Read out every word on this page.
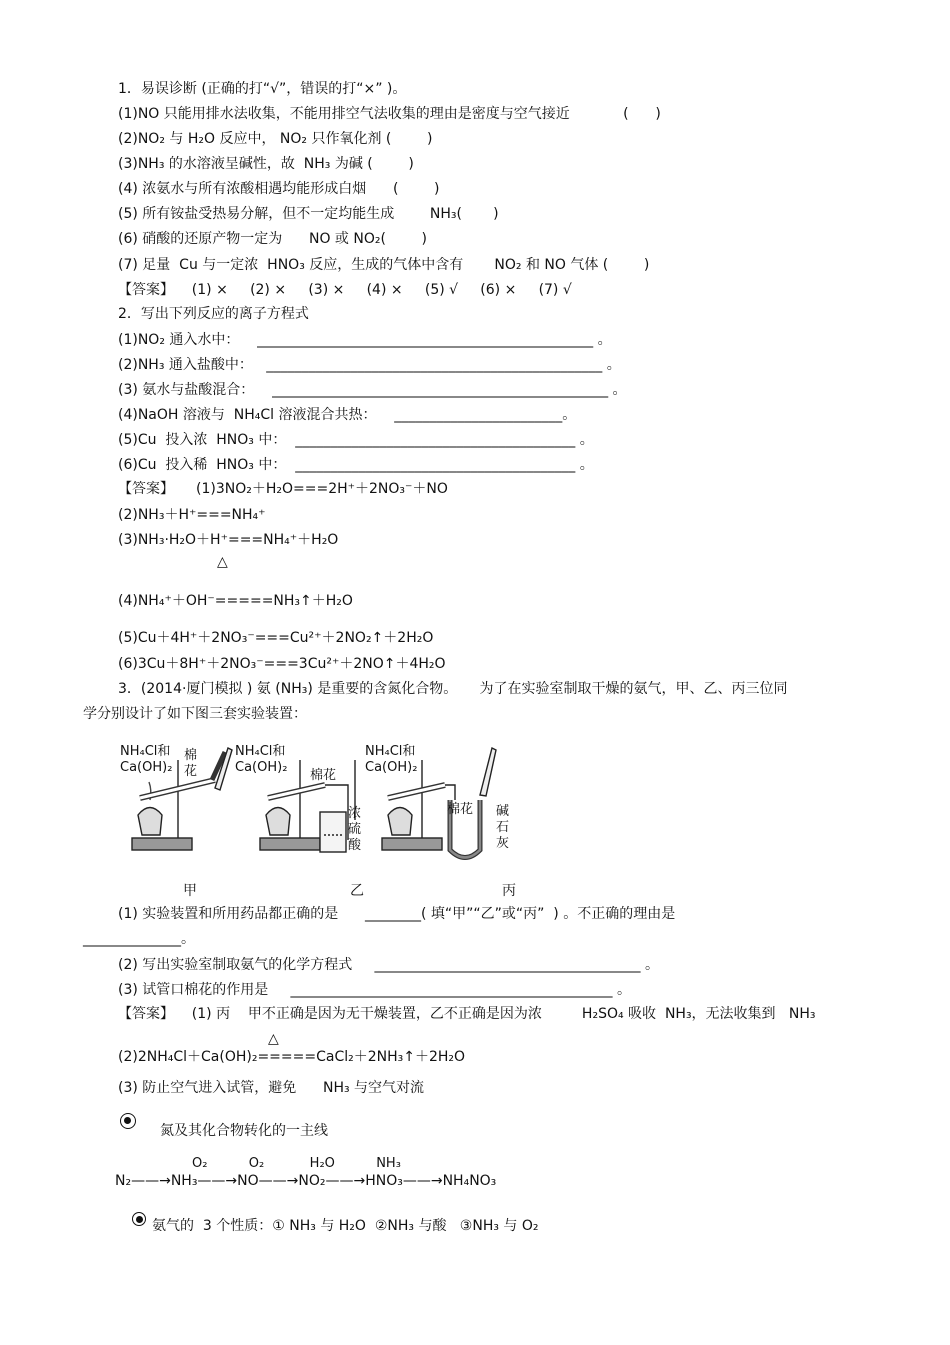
1．易误诊断 (正确的打“√”，错误的打“×” )。
(1)NO 只能用排水法收集，不能用排空气法收集的理由是密度与空气接近            (      )
(2)NO₂ 与 H₂O 反应中， NO₂ 只作氧化剂 (        )
(3)NH₃ 的水溶液呈碱性，故  NH₃ 为碱 (        )
(4) 浓氨水与所有浓酸相遇均能形成白烟      (        )
(5) 所有铵盐受热易分解，但不一定均能生成        NH₃(       )
(6) 硝酸的还原产物一定为      NO 或 NO₂(        )
(7) 足量  Cu 与一定浓  HNO₃ 反应，生成的气体中含有       NO₂ 和 NO 气体 (        )
【答案】    (1) ×     (2) ×     (3) ×     (4) ×     (5) √     (6) ×     (7) √
2．写出下列反应的离子方程式
(1)NO₂ 通入水中：    ________________________________________________ 。
(2)NH₃ 通入盐酸中：   ________________________________________________ 。
(3) 氨水与盐酸混合：    ________________________________________________ 。
(4)NaOH 溶液与  NH₄Cl 溶液混合共热：    ________________________。
(5)Cu  投入浓  HNO₃ 中：  ________________________________________ 。
(6)Cu  投入稀  HNO₃ 中：  ________________________________________ 。
【答案】 (1)3NO₂＋H₂O===2H⁺＋2NO₃⁻＋NO
(2)NH₃＋H⁺===NH₄⁺
(3)NH₃·H₂O＋H⁺===NH₄⁺＋H₂O
△
(4)NH₄⁺＋OH⁻=====NH₃↑＋H₂O
(5)Cu＋4H⁺＋2NO₃⁻===Cu²⁺＋2NO₂↑＋2H₂O
(6)3Cu＋8H⁺＋2NO₃⁻===3Cu²⁺＋2NO↑＋4H₂O
3．(2014·厦门模拟 ) 氨 (NH₃) 是重要的含氮化合物。     为了在实验室制取干燥的氨气，甲、乙、丙三位同
学分别设计了如下图三套实验装置：
NH₄Cl和
Ca(OH)₂
NH₄Cl和
Ca(OH)₂
NH₄Cl和
Ca(OH)₂
棉花	棉花
棉花
浓硫酸
碱石灰
甲	乙	丙
(1) 实验装置和所用药品都正确的是      ________( 填“甲”“乙”或“丙”  ) 。不正确的理由是
______________。
(2) 写出实验室制取氨气的化学方程式     ______________________________________ 。
(3) 试管口棉花的作用是     ______________________________________________ 。
【答案】    (1) 丙    甲不正确是因为无干燥装置，乙不正确是因为浓         H₂SO₄ 吸收  NH₃，无法收集到   NH₃
△
(2)2NH₄Cl＋Ca(OH)₂=====CaCl₂＋2NH₃↑＋2H₂O
(3) 防止空气进入试管，避免      NH₃ 与空气对流
氮及其化合物转化的一主线
O₂          O₂           H₂O          NH₃
N₂——→NH₃——→NO——→NO₂——→HNO₃——→NH₄NO₃
氨气的  3 个性质：① NH₃ 与 H₂O  ②NH₃ 与酸   ③NH₃ 与 O₂
